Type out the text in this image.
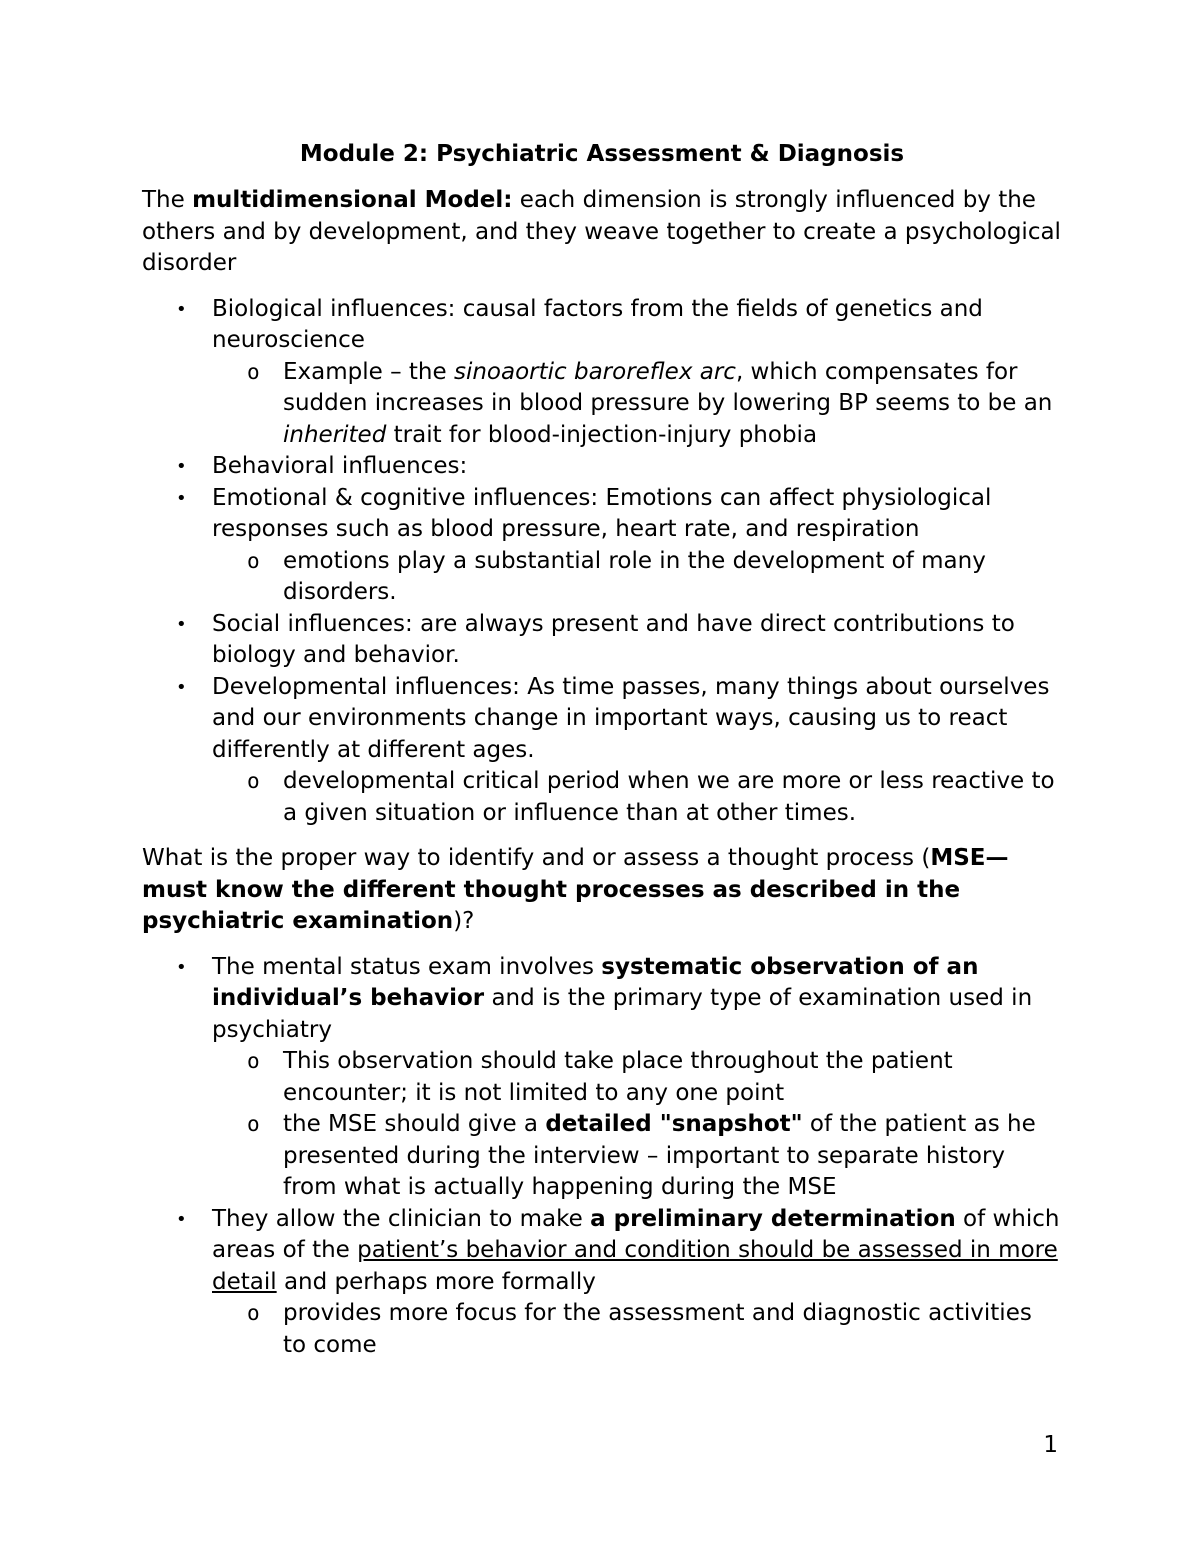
Module 2: Psychiatric Assessment & Diagnosis

The multidimensional Model: each dimension is strongly influenced by the others and by development, and they weave together to create a psychological disorder

• Biological influences: causal factors from the fields of genetics and neuroscience
o Example – the sinoaortic baroreflex arc, which compensates for sudden increases in blood pressure by lowering BP seems to be an inherited trait for blood-injection-injury phobia
• Behavioral influences:
• Emotional & cognitive influences: Emotions can affect physiological responses such as blood pressure, heart rate, and respiration
o emotions play a substantial role in the development of many disorders.
• Social influences: are always present and have direct contributions to biology and behavior.
• Developmental influences: As time passes, many things about ourselves and our environments change in important ways, causing us to react differently at different ages.
o developmental critical period when we are more or less reactive to a given situation or influence than at other times.

What is the proper way to identify and or assess a thought process (MSE—must know the different thought processes as described in the psychiatric examination)?

• The mental status exam involves systematic observation of an individual’s behavior and is the primary type of examination used in psychiatry
o This observation should take place throughout the patient encounter; it is not limited to any one point
o the MSE should give a detailed "snapshot" of the patient as he presented during the interview – important to separate history from what is actually happening during the MSE
• They allow the clinician to make a preliminary determination of which areas of the patient’s behavior and condition should be assessed in more detail and perhaps more formally
o provides more focus for the assessment and diagnostic activities to come
1
